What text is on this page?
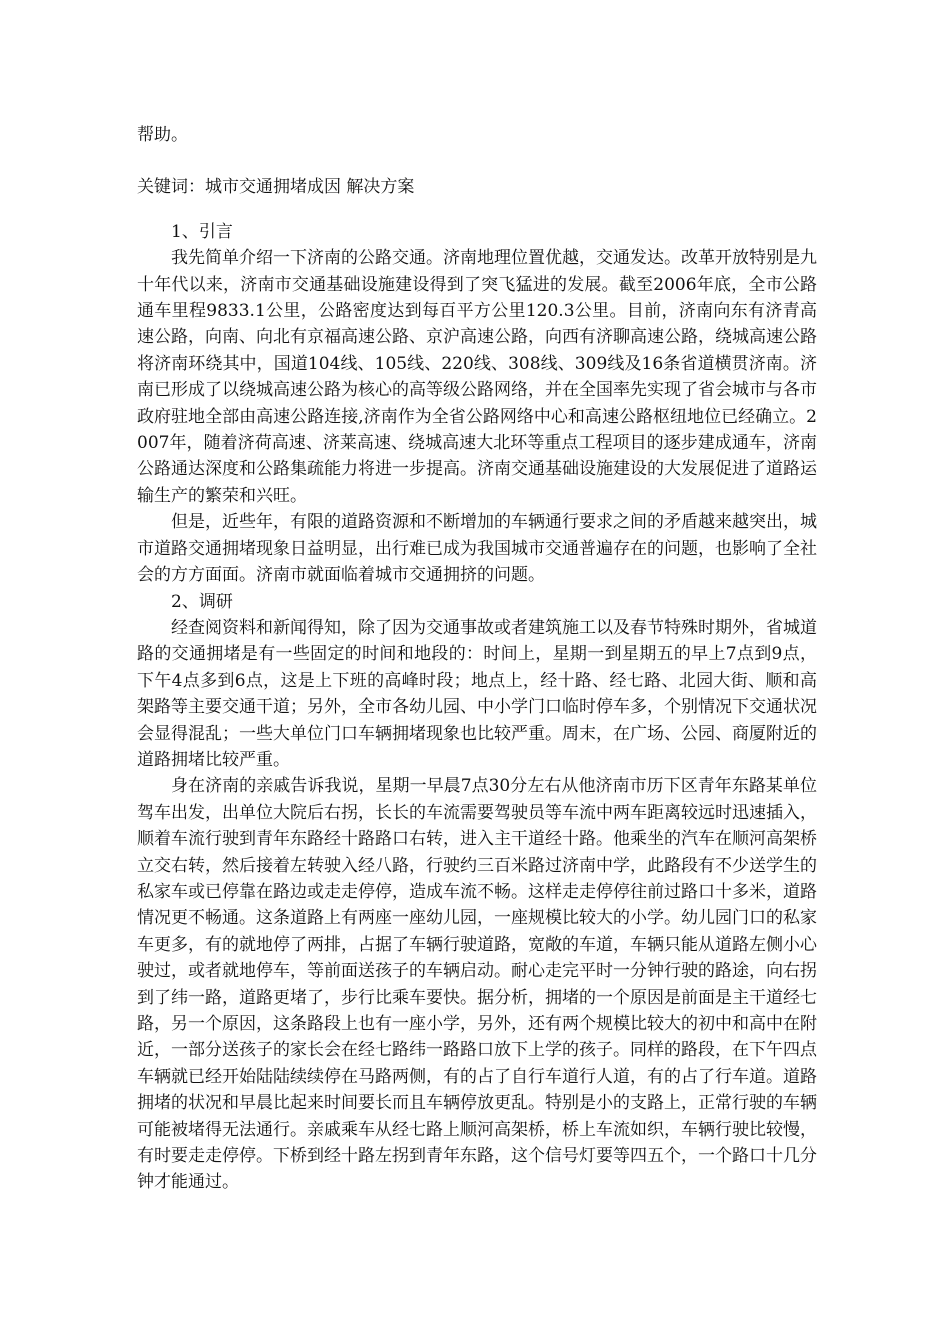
帮助。

关键词：城市交通拥堵成因 解决方案

1、引言

我先简单介绍一下济南的公路交通。济南地理位置优越，交通发达。改革开放特别是九十年代以来，济南市交通基础设施建设得到了突飞猛进的发展。截至2006年底，全市公路通车里程9833.1公里，公路密度达到每百平方公里120.3公里。目前，济南向东有济青高速公路，向南、向北有京福高速公路、京沪高速公路，向西有济聊高速公路，绕城高速公路将济南环绕其中，国道104线、105线、220线、308线、309线及16条省道横贯济南。济南已形成了以绕城高速公路为核心的高等级公路网络，并在全国率先实现了省会城市与各市政府驻地全部由高速公路连接,济南作为全省公路网络中心和高速公路枢纽地位已经确立。2007年，随着济荷高速、济莱高速、绕城高速大北环等重点工程项目的逐步建成通车，济南公路通达深度和公路集疏能力将进一步提高。济南交通基础设施建设的大发展促进了道路运输生产的繁荣和兴旺。

但是，近些年，有限的道路资源和不断增加的车辆通行要求之间的矛盾越来越突出，城市道路交通拥堵现象日益明显，出行难已成为我国城市交通普遍存在的问题，也影响了全社会的方方面面。济南市就面临着城市交通拥挤的问题。

2、调研

经查阅资料和新闻得知，除了因为交通事故或者建筑施工以及春节特殊时期外，省城道路的交通拥堵是有一些固定的时间和地段的：时间上，星期一到星期五的早上7点到9点，下午4点多到6点，这是上下班的高峰时段；地点上，经十路、经七路、北园大街、顺和高架路等主要交通干道；另外，全市各幼儿园、中小学门口临时停车多，个别情况下交通状况会显得混乱；一些大单位门口车辆拥堵现象也比较严重。周末，在广场、公园、商厦附近的道路拥堵比较严重。

身在济南的亲戚告诉我说，星期一早晨7点30分左右从他济南市历下区青年东路某单位驾车出发，出单位大院后右拐，长长的车流需要驾驶员等车流中两车距离较远时迅速插入，顺着车流行驶到青年东路经十路路口右转，进入主干道经十路。他乘坐的汽车在顺河高架桥立交右转，然后接着左转驶入经八路，行驶约三百米路过济南中学，此路段有不少送学生的私家车或已停靠在路边或走走停停，造成车流不畅。这样走走停停往前过路口十多米，道路情况更不畅通。这条道路上有两座一座幼儿园，一座规模比较大的小学。幼儿园门口的私家车更多，有的就地停了两排，占据了车辆行驶道路，宽敞的车道，车辆只能从道路左侧小心驶过，或者就地停车，等前面送孩子的车辆启动。耐心走完平时一分钟行驶的路途，向右拐到了纬一路，道路更堵了，步行比乘车要快。据分析，拥堵的一个原因是前面是主干道经七路，另一个原因，这条路段上也有一座小学，另外，还有两个规模比较大的初中和高中在附近，一部分送孩子的家长会在经七路纬一路路口放下上学的孩子。同样的路段，在下午四点车辆就已经开始陆陆续续停在马路两侧，有的占了自行车道行人道，有的占了行车道。道路拥堵的状况和早晨比起来时间要长而且车辆停放更乱。特别是小的支路上，正常行驶的车辆可能被堵得无法通行。亲戚乘车从经七路上顺河高架桥，桥上车流如织，车辆行驶比较慢，有时要走走停停。下桥到经十路左拐到青年东路，这个信号灯要等四五个，一个路口十几分钟才能通过。
